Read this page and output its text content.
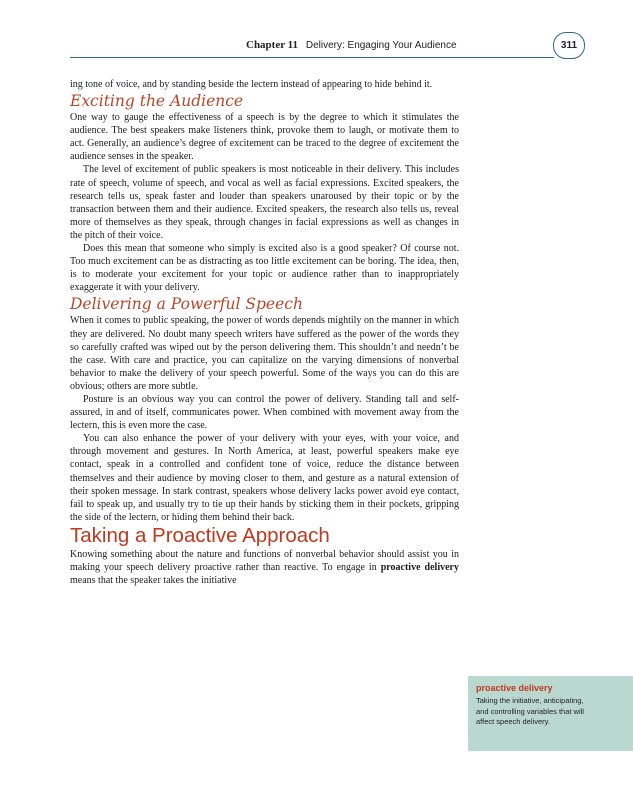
Chapter 11 Delivery: Engaging Your Audience	311

ing tone of voice, and by standing beside the lectern instead of appearing to hide behind it.

Exciting the Audience

One way to gauge the effectiveness of a speech is by the degree to which it stimulates the audience. The best speakers make listeners think, provoke them to laugh, or motivate them to act. Generally, an audience’s degree of excitement can be traced to the degree of excitement the audience senses in the speaker.

The level of excitement of public speakers is most noticeable in their delivery. This includes rate of speech, volume of speech, and vocal as well as facial expressions. Excited speakers, the research tells us, speak faster and louder than speakers unaroused by their topic or by the transaction between them and their audience. Excited speakers, the research also tells us, reveal more of themselves as they speak, through changes in facial expressions as well as changes in the pitch of their voice.

Does this mean that someone who simply is excited also is a good speaker? Of course not. Too much excitement can be as distracting as too little excitement can be boring. The idea, then, is to moderate your excitement for your topic or audience rather than to inappropriately exaggerate it with your delivery.

Delivering a Powerful Speech

When it comes to public speaking, the power of words depends mightily on the manner in which they are delivered. No doubt many speech writers have suffered as the power of the words they so carefully crafted was wiped out by the person delivering them. This shouldn’t and needn’t be the case. With care and practice, you can capitalize on the varying dimensions of nonverbal behavior to make the delivery of your speech powerful. Some of the ways you can do this are obvious; others are more subtle.

Posture is an obvious way you can control the power of delivery. Standing tall and self-assured, in and of itself, communicates power. When combined with movement away from the lectern, this is even more the case.

You can also enhance the power of your delivery with your eyes, with your voice, and through movement and gestures. In North America, at least, powerful speakers make eye contact, speak in a controlled and confident tone of voice, reduce the distance between themselves and their audience by moving closer to them, and gesture as a natural extension of their spoken message. In stark contrast, speakers whose delivery lacks power avoid eye contact, fail to speak up, and usually try to tie up their hands by sticking them in their pockets, gripping the side of the lectern, or hiding them behind their back.

Taking a Proactive Approach

Knowing something about the nature and functions of nonverbal behavior should assist you in making your speech delivery proactive rather than reactive. To engage in proactive delivery means that the speaker takes the initiative

proactive delivery
Taking the initiative, anticipating, and controlling variables that will affect speech delivery.
